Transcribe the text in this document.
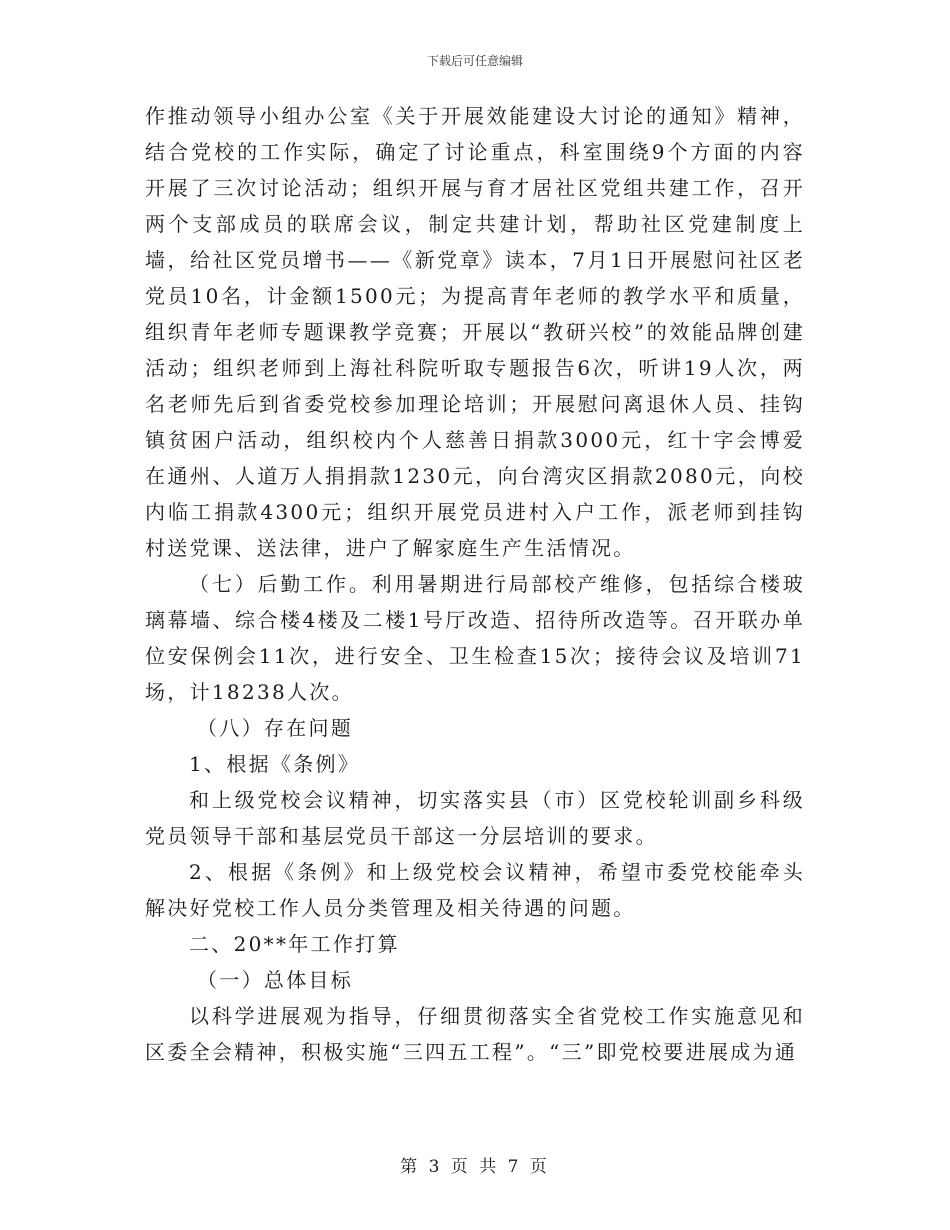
下载后可任意编辑

作推动领导小组办公室《关于开展效能建设大讨论的通知》精神，结合党校的工作实际，确定了讨论重点，科室围绕9个方面的内容开展了三次讨论活动；组织开展与育才居社区党组共建工作，召开两个支部成员的联席会议，制定共建计划，帮助社区党建制度上墙，给社区党员增书——《新党章》读本，7月1日开展慰问社区老党员10名，计金额1500元；为提高青年老师的教学水平和质量，组织青年老师专题课教学竞赛；开展以“教研兴校”的效能品牌创建活动；组织老师到上海社科院听取专题报告6次，听讲19人次，两名老师先后到省委党校参加理论培训；开展慰问离退休人员、挂钩镇贫困户活动，组织校内个人慈善日捐款3000元，红十字会博爱在通州、人道万人捐捐款1230元，向台湾灾区捐款2080元，向校内临工捐款4300元；组织开展党员进村入户工作，派老师到挂钩村送党课、送法律，进户了解家庭生产生活情况。

（七）后勤工作。利用暑期进行局部校产维修，包括综合楼玻璃幕墙、综合楼4楼及二楼1号厅改造、招待所改造等。召开联办单位安保例会11次，进行安全、卫生检查15次；接待会议及培训71场，计18238人次。

（八）存在问题

1、根据《条例》

和上级党校会议精神，切实落实县（市）区党校轮训副乡科级党员领导干部和基层党员干部这一分层培训的要求。

2、根据《条例》和上级党校会议精神，希望市委党校能牵头解决好党校工作人员分类管理及相关待遇的问题。

二、20**年工作打算

（一）总体目标

以科学进展观为指导，仔细贯彻落实全省党校工作实施意见和区委全会精神，积极实施“三四五工程”。“三”即党校要进展成为通

第 3 页 共 7 页
